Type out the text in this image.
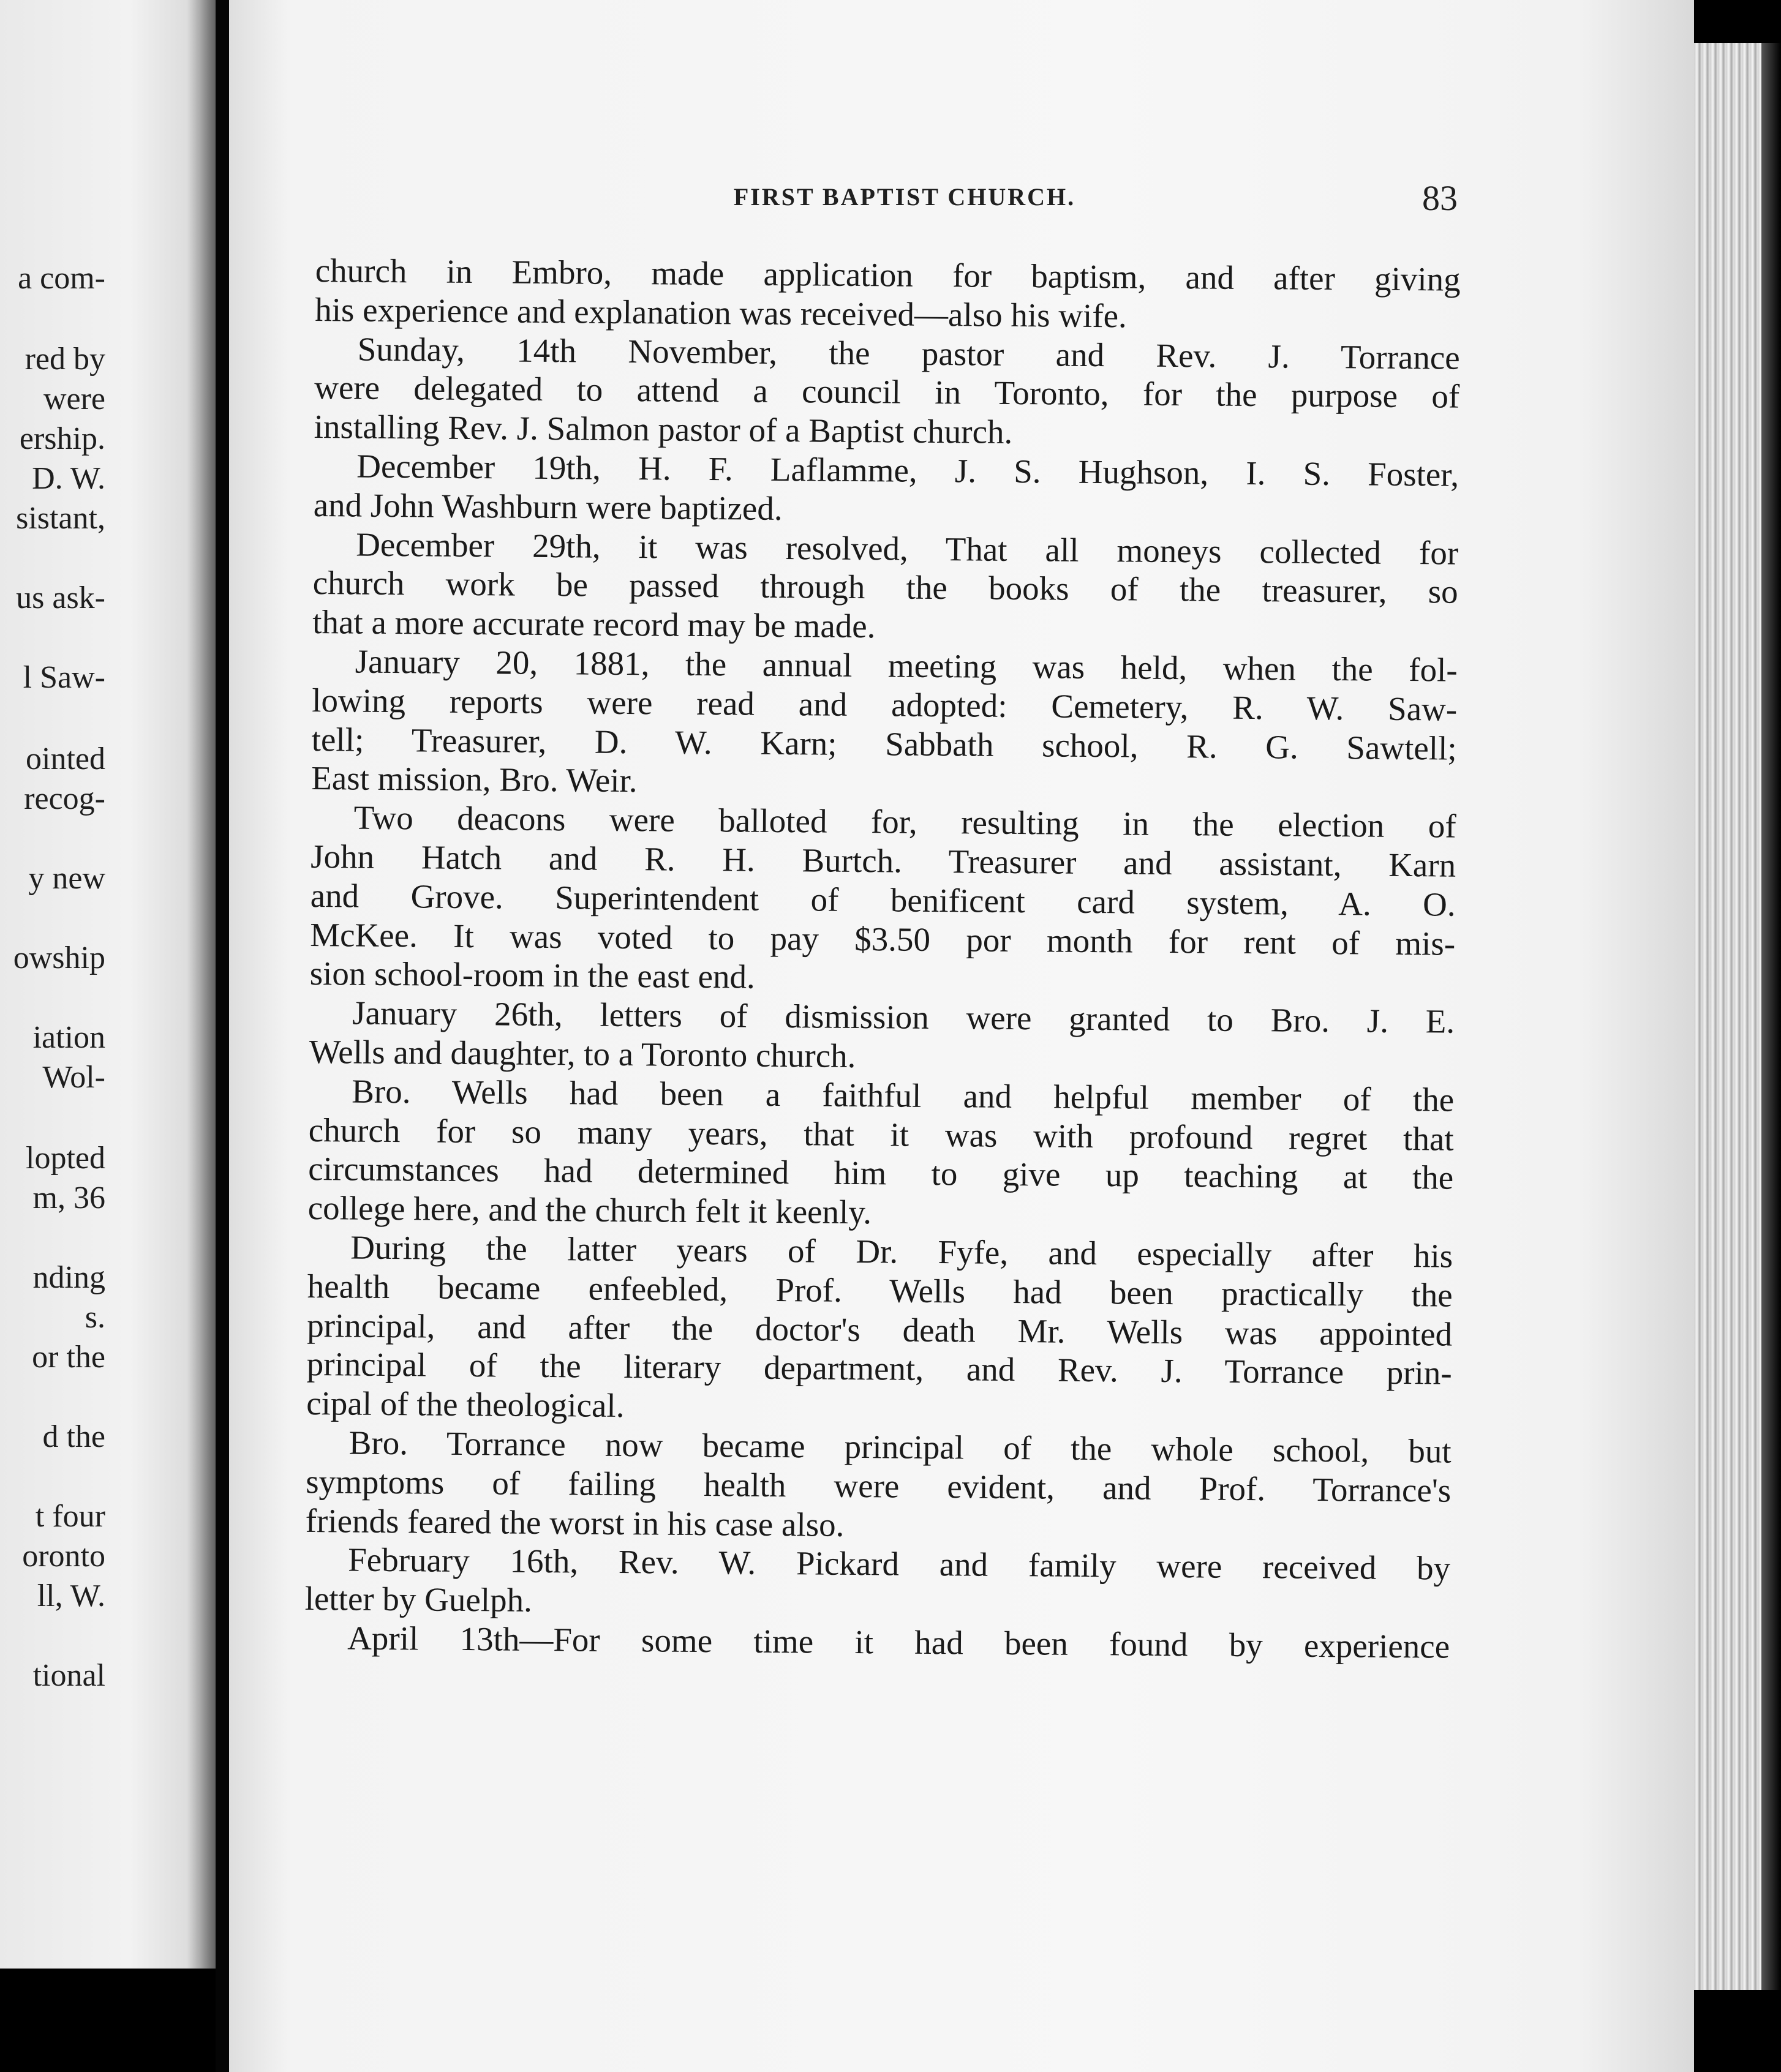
a com-

red by

were

ership.

D. W.

sistant,

us ask-

l Saw-

ointed

recog-

y new

owship

iation

Wol-

lopted

m, 36

nding

s.

or the

d the

t four

oronto

ll, W.

tional

FIRST BAPTIST CHURCH.	83

church in Embro, made application for baptism, and after giving
his experience and explanation was received—also his wife.
Sunday, 14th November, the pastor and Rev. J. Torrance
were delegated to attend a council in Toronto, for the purpose of
installing Rev. J. Salmon pastor of a Baptist church.
December 19th, H. F. Laflamme, J. S. Hughson, I. S. Foster,
and John Washburn were baptized.
December 29th, it was resolved, That all moneys collected for
church work be passed through the books of the treasurer, so
that a more accurate record may be made.
January 20, 1881, the annual meeting was held, when the fol-
lowing reports were read and adopted: Cemetery, R. W. Saw-
tell; Treasurer, D. W. Karn; Sabbath school, R. G. Sawtell;
East mission, Bro. Weir.
Two deacons were balloted for, resulting in the election of
John Hatch and R. H. Burtch. Treasurer and assistant, Karn
and Grove. Superintendent of benificent card system, A. O.
McKee. It was voted to pay $3.50 por month for rent of mis-
sion school-room in the east end.
January 26th, letters of dismission were granted to Bro. J. E.
Wells and daughter, to a Toronto church.
Bro. Wells had been a faithful and helpful member of the
church for so many years, that it was with profound regret that
circumstances had determined him to give up teaching at the
college here, and the church felt it keenly.
During the latter years of Dr. Fyfe, and especially after his
health became enfeebled, Prof. Wells had been practically the
principal, and after the doctor's death Mr. Wells was appointed
principal of the literary department, and Rev. J. Torrance prin-
cipal of the theological.
Bro. Torrance now became principal of the whole school, but
symptoms of failing health were evident, and Prof. Torrance's
friends feared the worst in his case also.
February 16th, Rev. W. Pickard and family were received by
letter by Guelph.
April 13th—For some time it had been found by experience
